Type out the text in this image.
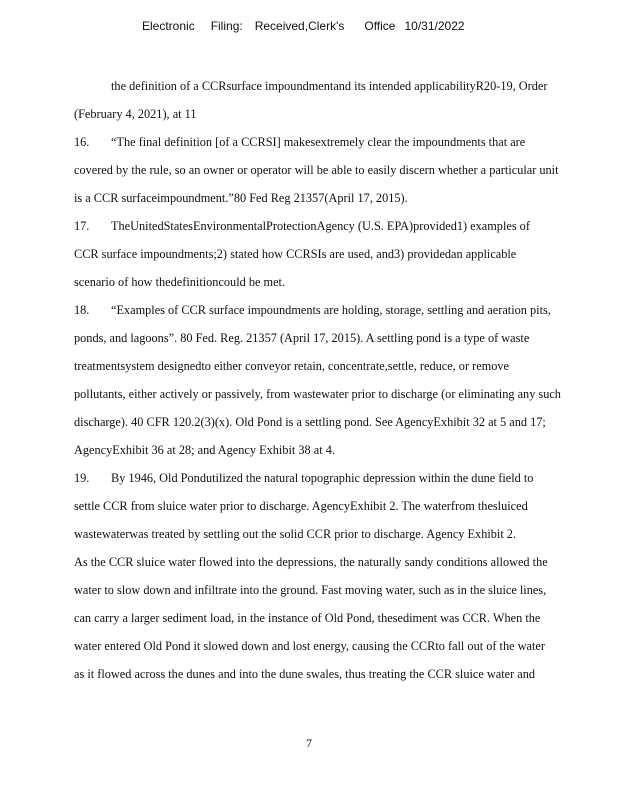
Electronic Filing: Received,Clerk's Office 10/31/2022
the definition of a CCRsurface impoundmentand its intended applicabilityR20-19, Order
(February 4, 2021), at 11
16. “The final definition [of a CCRSI] makesextremely clear the impoundments that are
covered by the rule, so an owner or operator will be able to easily discern whether a particular unit
is a CCR surfaceimpoundment.”80 Fed Reg 21357(April 17, 2015).
17. TheUnitedStatesEnvironmentalProtectionAgency (U.S. EPA)provided1) examples of
CCR surface impoundments;2) stated how CCRSIs are used, and3) providedan applicable
scenario of how thedefinitioncould be met.
18. “Examples of CCR surface impoundments are holding, storage, settling and aeration pits,
ponds, and lagoons”. 80 Fed. Reg. 21357 (April 17, 2015). A settling pond is a type of waste
treatmentsystem designedto either conveyor retain, concentrate,settle, reduce, or remove
pollutants, either actively or passively, from wastewater prior to discharge (or eliminating any such
discharge). 40 CFR 120.2(3)(x). Old Pond is a settling pond. See AgencyExhibit 32 at 5 and 17;
AgencyExhibit 36 at 28; and Agency Exhibit 38 at 4.
19. By 1946, Old Pondutilized the natural topographic depression within the dune field to
settle CCR from sluice water prior to discharge. AgencyExhibit 2. The waterfrom thesluiced
wastewaterwas treated by settling out the solid CCR prior to discharge. Agency Exhibit 2.
As the CCR sluice water flowed into the depressions, the naturally sandy conditions allowed the
water to slow down and infiltrate into the ground. Fast moving water, such as in the sluice lines,
can carry a larger sediment load, in the instance of Old Pond, thesediment was CCR. When the
water entered Old Pond it slowed down and lost energy, causing the CCRto fall out of the water
as it flowed across the dunes and into the dune swales, thus treating the CCR sluice water and
7
